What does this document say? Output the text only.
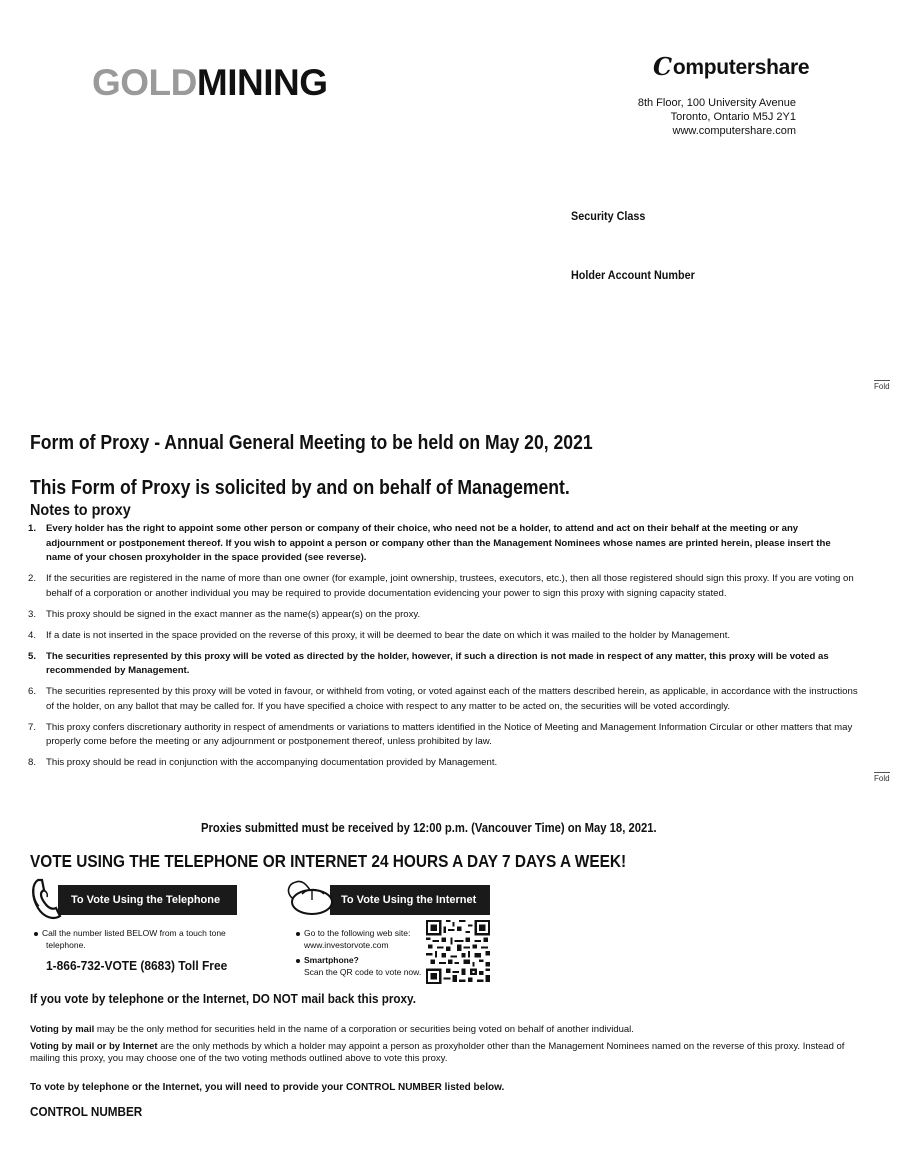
GOLDMINING	C omputershare
8th Floor, 100 University Avenue
Toronto, Ontario M5J 2Y1
www.computershare.com
Security Class
Holder Account Number
Fold
Fold
Form of Proxy - Annual General Meeting to be held on May 20, 2021
This Form of Proxy is solicited by and on behalf of Management.
Notes to proxy
1.	Every holder has the right to appoint some other person or company of their choice, who need not be a holder, to attend and act on their behalf at the meeting or any adjournment or postponement thereof. If you wish to appoint a person or company other than the Management Nominees whose names are printed herein, please insert the name of your chosen proxyholder in the space provided (see reverse).
2.	If the securities are registered in the name of more than one owner (for example, joint ownership, trustees, executors, etc.), then all those registered should sign this proxy. If you are voting on behalf of a corporation or another individual you may be required to provide documentation evidencing your power to sign this proxy with signing capacity stated.
3.	This proxy should be signed in the exact manner as the name(s) appear(s) on the proxy.
4.	If a date is not inserted in the space provided on the reverse of this proxy, it will be deemed to bear the date on which it was mailed to the holder by Management.
5.	The securities represented by this proxy will be voted as directed by the holder, however, if such a direction is not made in respect of any matter, this proxy will be voted as recommended by Management.
6.	The securities represented by this proxy will be voted in favour, or withheld from voting, or voted against each of the matters described herein, as applicable, in accordance with the instructions of the holder, on any ballot that may be called for. If you have specified a choice with respect to any matter to be acted on, the securities will be voted accordingly.
7.	This proxy confers discretionary authority in respect of amendments or variations to matters identified in the Notice of Meeting and Management Information Circular or other matters that may properly come before the meeting or any adjournment or postponement thereof, unless prohibited by law.
8.	This proxy should be read in conjunction with the accompanying documentation provided by Management.
Proxies submitted must be received by 12:00 p.m. (Vancouver Time) on May 18, 2021.
VOTE USING THE TELEPHONE OR INTERNET 24 HOURS A DAY 7 DAYS A WEEK!
To Vote Using the Telephone
Call the number listed BELOW from a touch tone
telephone.
1-866-732-VOTE (8683) Toll Free
To Vote Using the Internet
Go to the following web site:
www.investorvote.com
Smartphone?
Scan the QR code to vote now.
If you vote by telephone or the Internet, DO NOT mail back this proxy.
Voting by mail may be the only method for securities held in the name of a corporation or securities being voted on behalf of another individual.
Voting by mail or by Internet are the only methods by which a holder may appoint a person as proxyholder other than the Management Nominees named on the reverse of this proxy. Instead of mailing this proxy, you may choose one of the two voting methods outlined above to vote this proxy.
To vote by telephone or the Internet, you will need to provide your CONTROL NUMBER listed below.
CONTROL NUMBER
